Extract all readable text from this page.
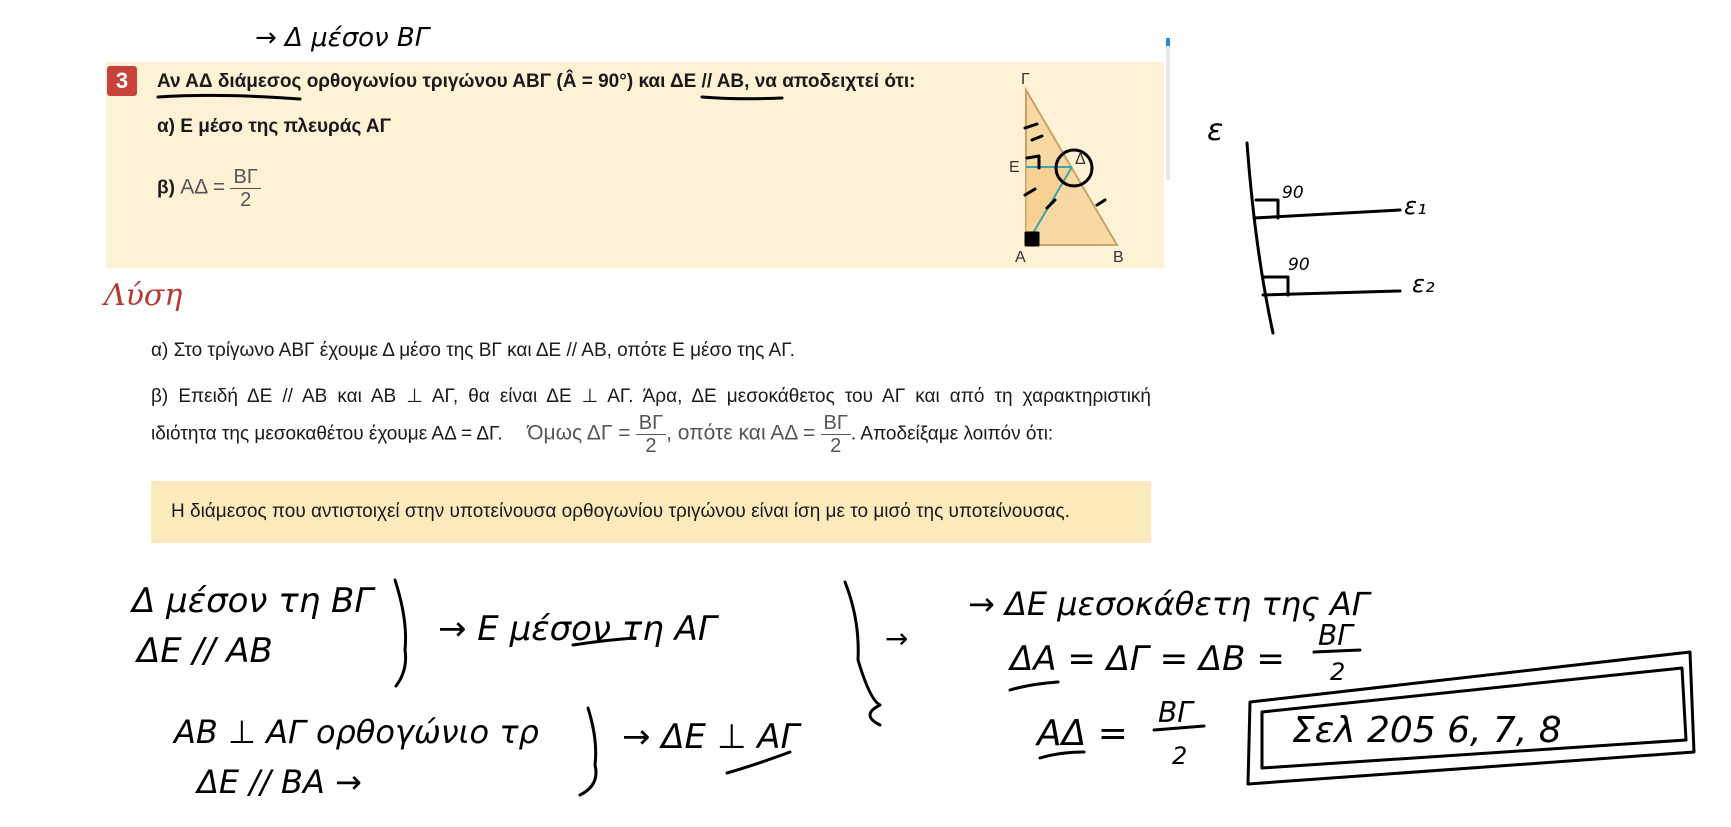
3	Αν ΑΔ διάμεσος ορθογωνίου τριγώνου ΑΒΓ (Â = 90°) και ΔΕ // ΑΒ, να αποδειχτεί ότι:
α) Ε μέσο της πλευράς ΑΓ
β) $A\Delta = \frac{B\Gamma}{2}$
Γ
Ε	Δ
Α	Β
Λύση
α) Στο τρίγωνο ΑΒΓ έχουμε Δ μέσο της ΒΓ και ΔΕ // ΑΒ, οπότε Ε μέσο της ΑΓ.
β) Επειδή ΔΕ // ΑΒ και ΑΒ ⊥ ΑΓ, θα είναι ΔΕ ⊥ ΑΓ. Άρα, ΔΕ μεσοκάθετος του ΑΓ και από τη χαρακτηριστική
ιδιότητα της μεσοκαθέτου έχουμε ΑΔ = ΔΓ. Όμως $\Delta\Gamma = \frac{B\Gamma}{2}$ , οπότε και $A\Delta = \frac{B\Gamma}{2}$ . Αποδείξαμε λοιπόν ότι:
Η διάμεσος που αντιστοιχεί στην υποτείνουσα ορθογωνίου τριγώνου είναι ίση με το μισό της υποτείνουσας.
→ Δ μέσον ΒΓ
ε
90
90
ε₁
ε₂
Δ μέσον τη ΒΓ
ΔΕ // ΑΒ
→ Ε μέσον τη ΑΓ
ΑΒ ⊥ ΑΓ ορθογώνιο τρ
ΔΕ // ΒΑ →
→ ΔΕ ⊥ ΑΓ
→
→ ΔΕ μεσοκάθετη της ΑΓ
ΔΑ = ΔΓ = ΔΒ =
ΒΓ
2
ΑΔ =
ΒΓ
2
Σελ 205 6, 7, 8
